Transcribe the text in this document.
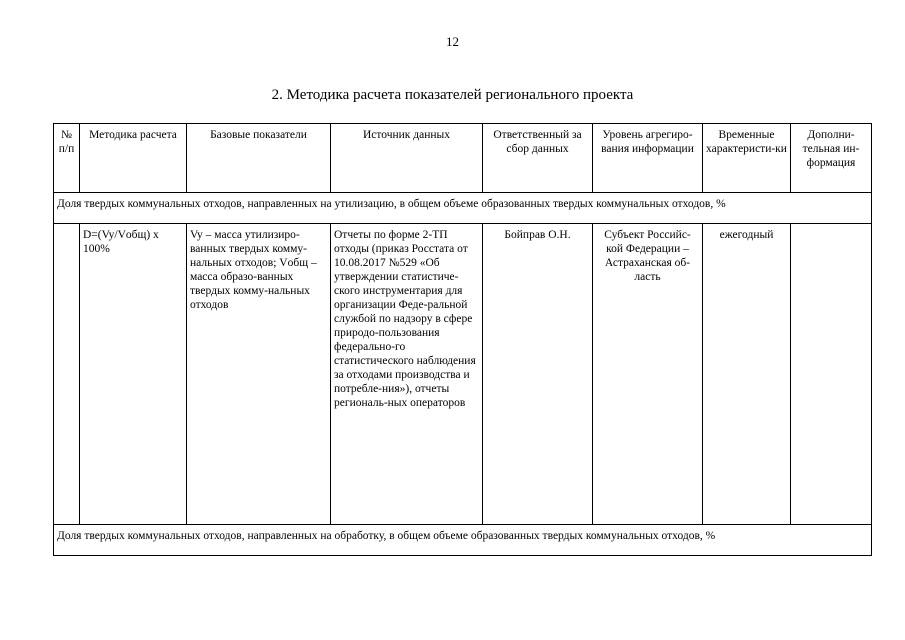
12
2. Методика расчета показателей регионального проекта
№ п/п	Методика расчета	Базовые показатели	Источник данных	Ответственный за сбор данных	Уровень агрегиро-вания информации	Временные характеристи-ки	Дополни-тельная ин-формация
Доля твердых коммунальных отходов, направленных на утилизацию, в общем объеме образованных твердых коммунальных отходов, %							
	D=(Vy/Vобщ) x 100%	Vy – масса утилизиро-ванных твердых комму-нальных отходов; Vобщ – масса образо-ванных твердых комму-нальных отходов	Отчеты по форме 2-ТП отходы (приказ Росстата от 10.08.2017 №529 «Об утверждении статистиче-ского инструментария для организации Феде-ральной службой по надзору в сфере природо-пользования федерально-го статистического наблюдения за отходами производства и потребле-ния»), отчеты региональ-ных операторов	Бойправ О.Н.	Субъект Российс-кой Федерации – Астраханская об-ласть	ежегодный	
Доля твердых коммунальных отходов, направленных на обработку, в общем объеме образованных твердых коммунальных отходов, %							
